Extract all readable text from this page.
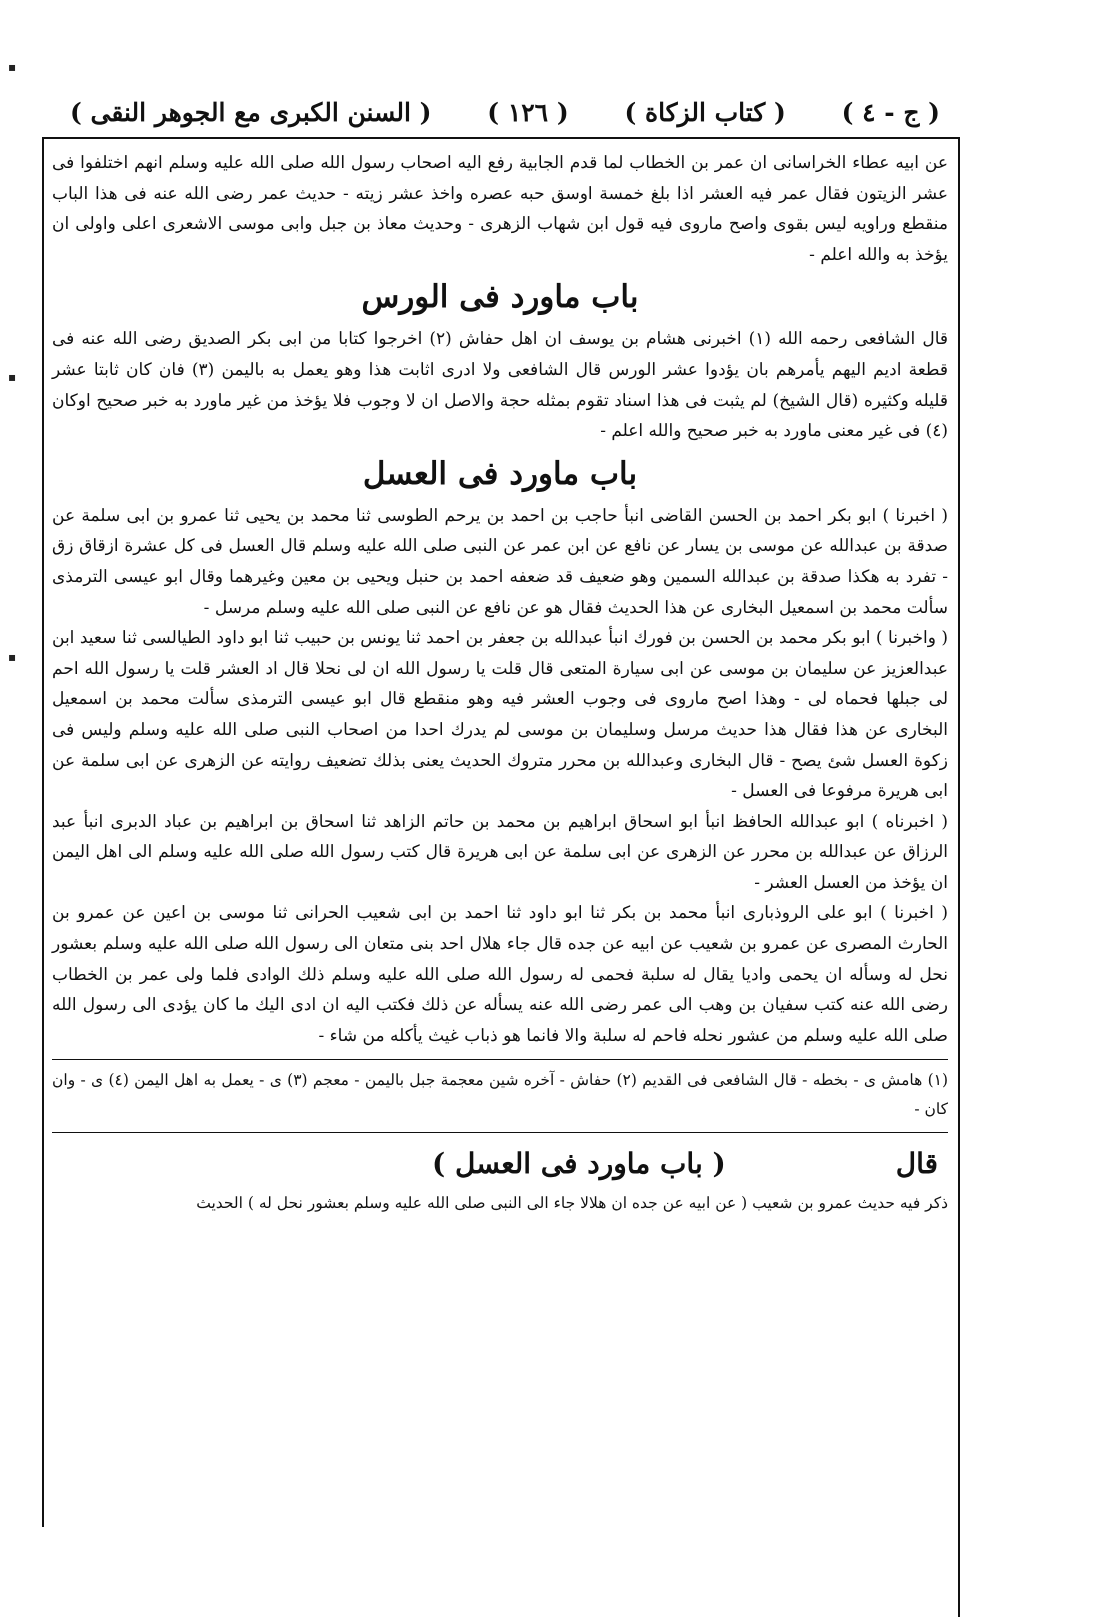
( السنن الكبرى مع الجوهر النقى ) ( ١٢٦ ) ( كتاب الزكاة ) ( ج - ٤ )
▪
▪
▪

عن ابيه عطاء الخراسانى ان عمر بن الخطاب لما قدم الجابية رفع اليه اصحاب رسول الله صلى الله عليه وسلم انهم اختلفوا فى عشر الزيتون فقال عمر فيه العشر اذا بلغ خمسة اوسق حبه عصره واخذ عشر زيته - حديث عمر رضى الله عنه فى هذا الباب منقطع وراويه ليس بقوى واصح ماروى فيه قول ابن شهاب الزهرى - وحديث معاذ بن جبل وابى موسى الاشعرى اعلى واولى ان يؤخذ به والله اعلم -

باب ماورد فى الورس

قال الشافعى رحمه الله (١) اخبرنى هشام بن يوسف ان اهل حفاش (٢) اخرجوا كتابا من ابى بكر الصديق رضى الله عنه فى قطعة اديم اليهم يأمرهم بان يؤدوا عشر الورس قال الشافعى ولا ادرى اثابت هذا وهو يعمل به باليمن (٣) فان كان ثابتا عشر قليله وكثيره (قال الشيخ) لم يثبت فى هذا اسناد تقوم بمثله حجة والاصل ان لا وجوب فلا يؤخذ من غير ماورد به خبر صحيح اوكان (٤) فى غير معنى ماورد به خبر صحيح والله اعلم -

باب ماورد فى العسل

( اخبرنا ) ابو بكر احمد بن الحسن القاضى انبأ حاجب بن احمد بن يرحم الطوسى ثنا محمد بن يحيى ثنا عمرو بن ابى سلمة عن صدقة بن عبدالله عن موسى بن يسار عن نافع عن ابن عمر عن النبى صلى الله عليه وسلم قال العسل فى كل عشرة ازقاق زق - تفرد به هكذا صدقة بن عبدالله السمين وهو ضعيف قد ضعفه احمد بن حنبل ويحيى بن معين وغيرهما وقال ابو عيسى الترمذى سألت محمد بن اسمعيل البخارى عن هذا الحديث فقال هو عن نافع عن النبى صلى الله عليه وسلم مرسل -

( واخبرنا ) ابو بكر محمد بن الحسن بن فورك انبأ عبدالله بن جعفر بن احمد ثنا يونس بن حبيب ثنا ابو داود الطيالسى ثنا سعيد ابن عبدالعزيز عن سليمان بن موسى عن ابى سيارة المتعى قال قلت يا رسول الله ان لى نحلا قال اد العشر قلت يا رسول الله احم لى جبلها فحماه لى - وهذا اصح ماروى فى وجوب العشر فيه وهو منقطع قال ابو عيسى الترمذى سألت محمد بن اسمعيل البخارى عن هذا فقال هذا حديث مرسل وسليمان بن موسى لم يدرك احدا من اصحاب النبى صلى الله عليه وسلم وليس فى زكوة العسل شئ يصح - قال البخارى وعبدالله بن محرر متروك الحديث يعنى بذلك تضعيف روايته عن الزهرى عن ابى سلمة عن ابى هريرة مرفوعا فى العسل -

( اخبرناه ) ابو عبدالله الحافظ انبأ ابو اسحاق ابراهيم بن محمد بن حاتم الزاهد ثنا اسحاق بن ابراهيم بن عباد الدبرى انبأ عبد الرزاق عن عبدالله بن محرر عن الزهرى عن ابى سلمة عن ابى هريرة قال كتب رسول الله صلى الله عليه وسلم الى اهل اليمن ان يؤخذ من العسل العشر -

( اخبرنا ) ابو على الروذبارى انبأ محمد بن بكر ثنا ابو داود ثنا احمد بن ابى شعيب الحرانى ثنا موسى بن اعين عن عمرو بن الحارث المصرى عن عمرو بن شعيب عن ابيه عن جده قال جاء هلال احد بنى متعان الى رسول الله صلى الله عليه وسلم بعشور نحل له وسأله ان يحمى واديا يقال له سلبة فحمى له رسول الله صلى الله عليه وسلم ذلك الوادى فلما ولى عمر بن الخطاب رضى الله عنه كتب سفيان بن وهب الى عمر رضى الله عنه يسأله عن ذلك فكتب اليه ان ادى اليك ما كان يؤدى الى رسول الله صلى الله عليه وسلم من عشور نحله فاحم له سلبة والا فانما هو ذباب غيث يأكله من شاء -

(١) هامش ى - بخطه - قال الشافعى فى القديم (٢) حفاش - آخره شين معجمة جبل باليمن - معجم (٣) ى - يعمل به اهل اليمن (٤) ى - وان كان -

قال
( باب ماورد فى العسل )

ذكر فيه حديث عمرو بن شعيب ( عن ابيه عن جده ان هلالا جاء الى النبى صلى الله عليه وسلم بعشور نحل له ) الحديث
